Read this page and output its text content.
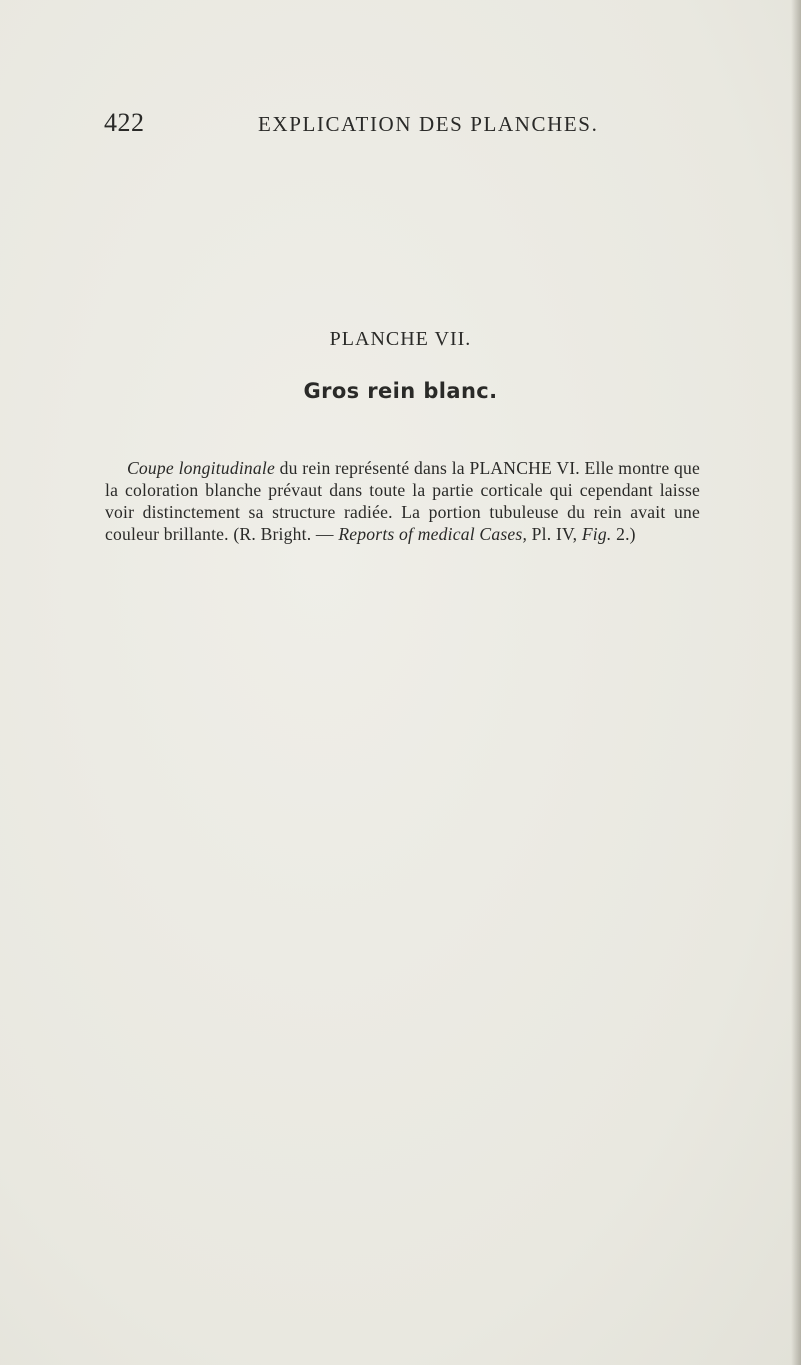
422	EXPLICATION DES PLANCHES.
PLANCHE VII.
Gros rein blanc.

Coupe longitudinale du rein représenté dans la PLANCHE VI. Elle montre que la coloration blanche prévaut dans toute la partie corticale qui cependant laisse voir distinctement sa structure radiée. La portion tubuleuse du rein avait une couleur brillante. (R. Bright. — Reports of medical Cases, Pl. IV, Fig. 2.)
